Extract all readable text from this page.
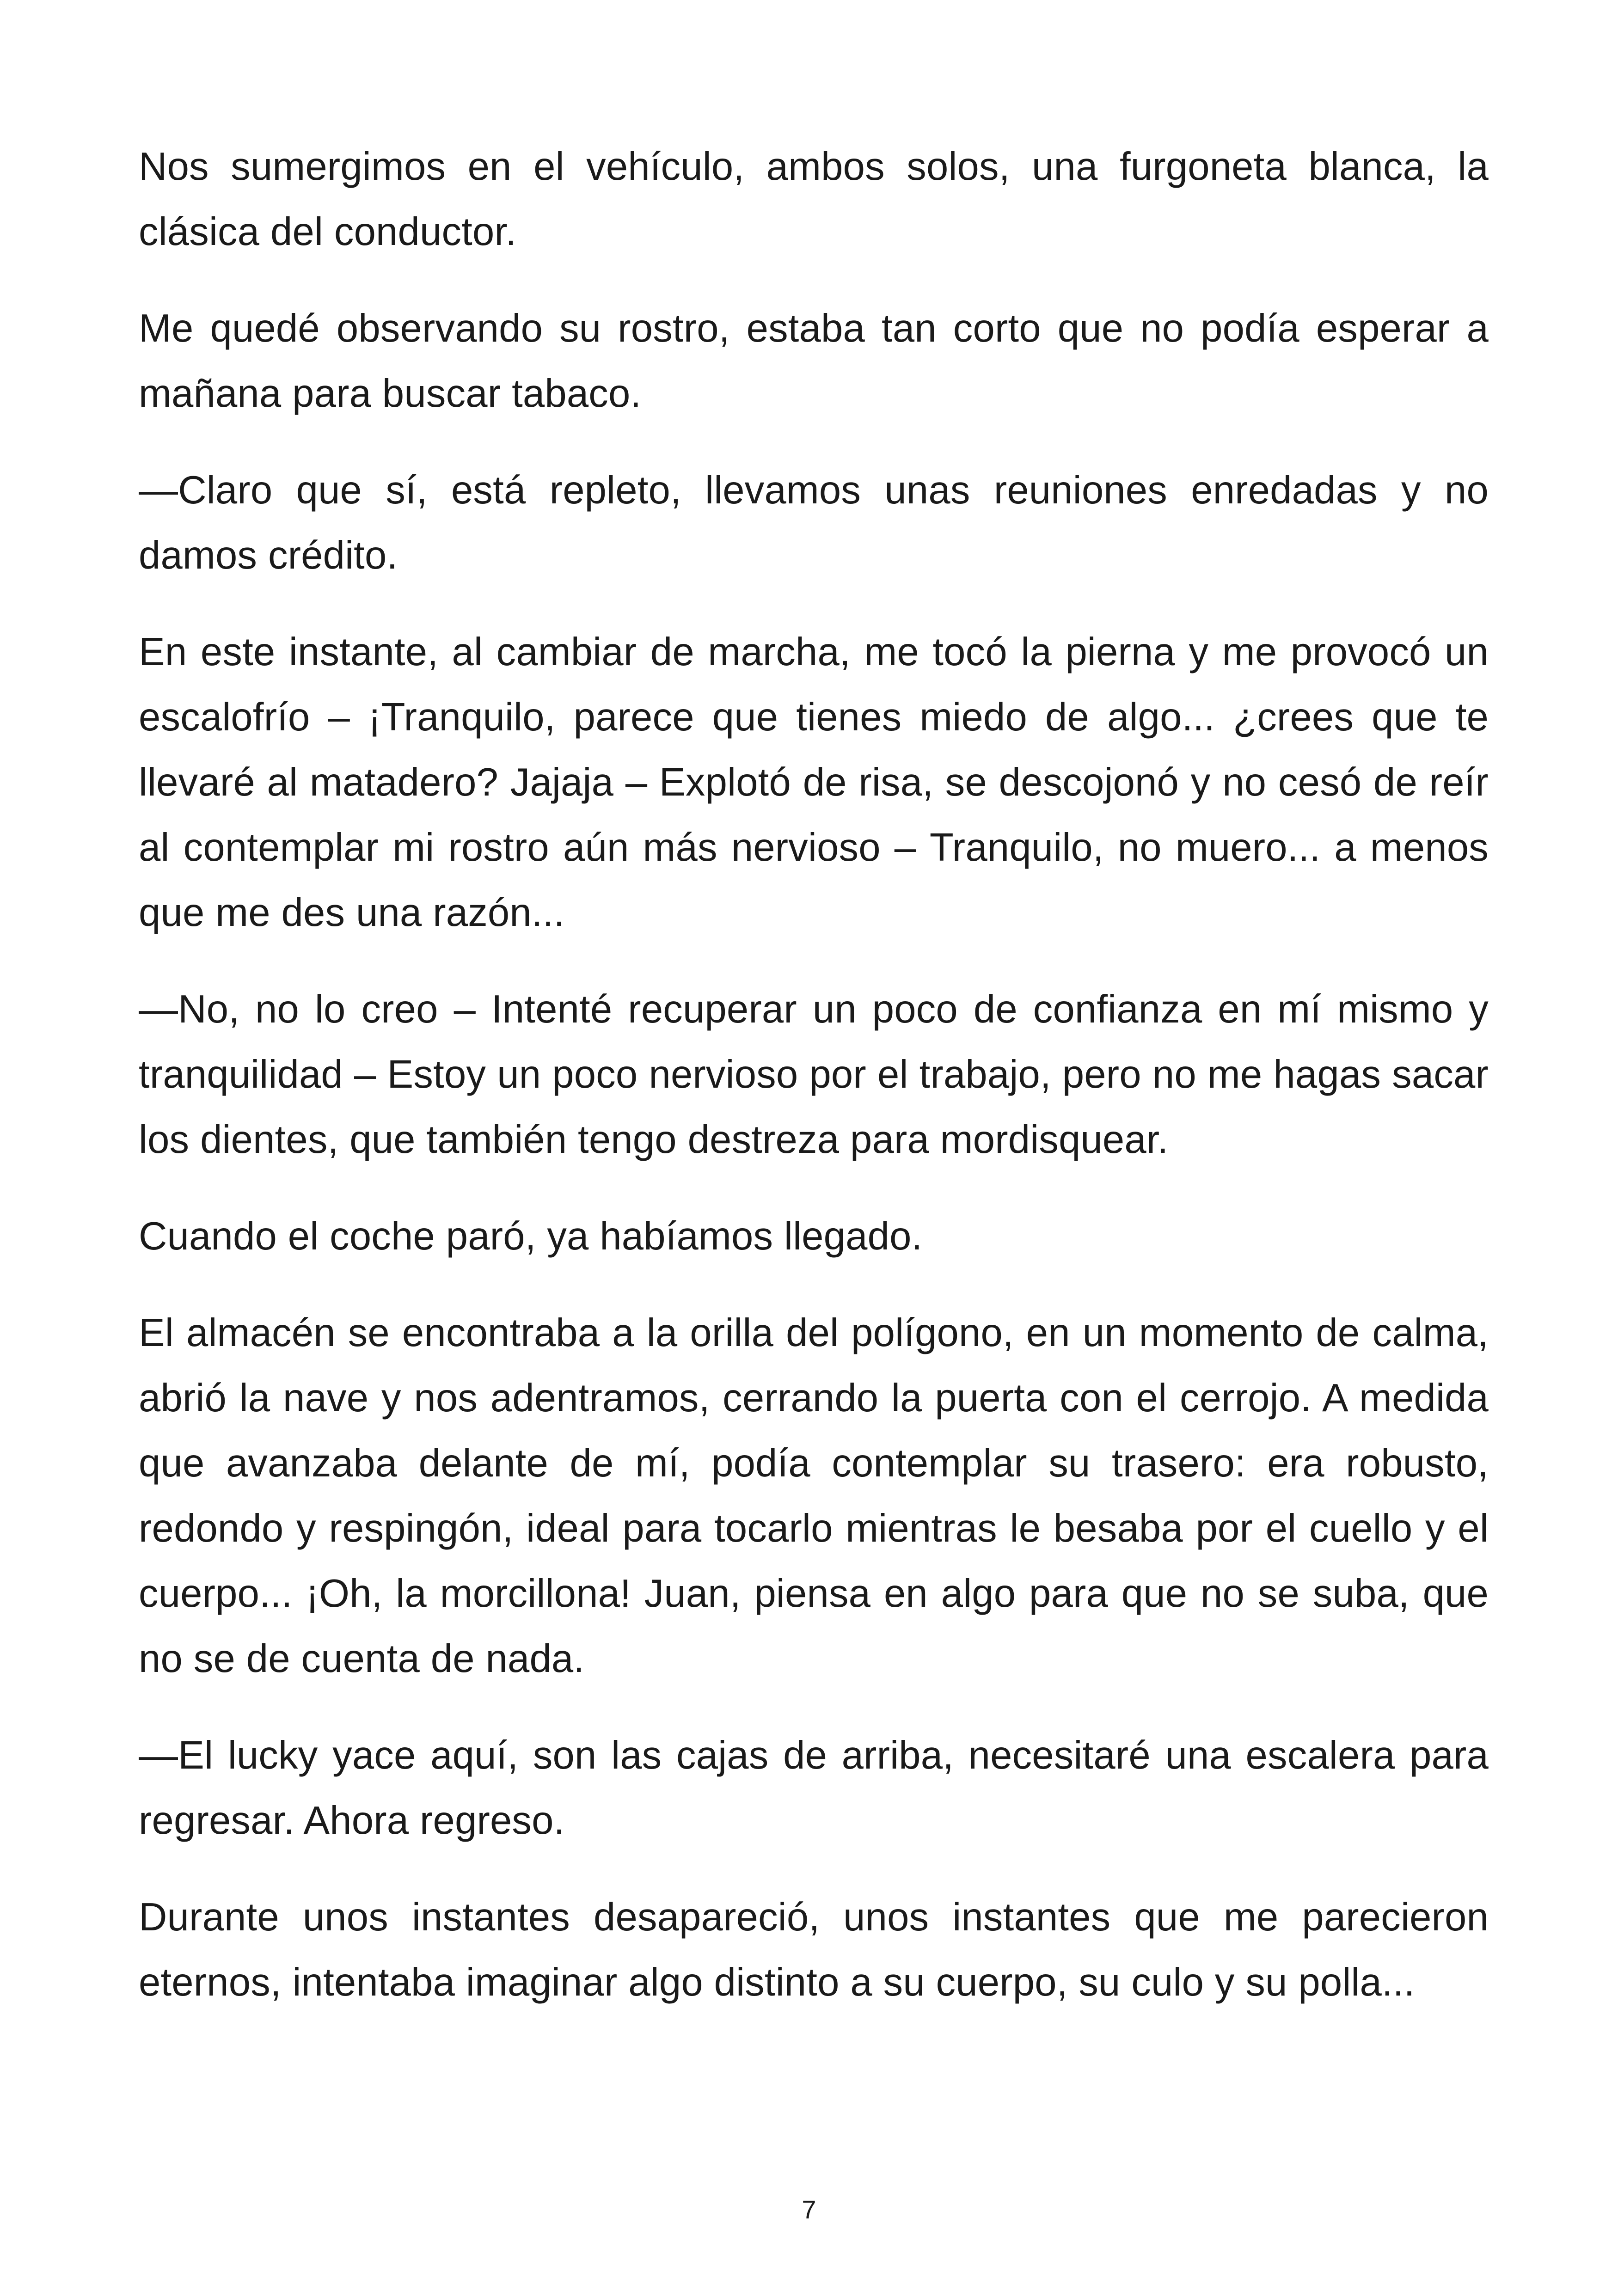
Nos sumergimos en el vehículo, ambos solos, una furgoneta blanca, la clásica del conductor.

Me quedé observando su rostro, estaba tan corto que no podía esperar a mañana para buscar tabaco.

—Claro que sí, está repleto, llevamos unas reuniones enredadas y no damos crédito.

En este instante, al cambiar de marcha, me tocó la pierna y me provocó un escalofrío – ¡Tranquilo, parece que tienes miedo de algo... ¿crees que te llevaré al matadero? Jajaja – Explotó de risa, se descojonó y no cesó de reír al contemplar mi rostro aún más nervioso – Tranquilo, no muero... a menos que me des una razón...

—No, no lo creo – Intenté recuperar un poco de confianza en mí mismo y tranquilidad – Estoy un poco nervioso por el trabajo, pero no me hagas sacar los dientes, que también tengo destreza para mordisquear.

Cuando el coche paró, ya habíamos llegado.

El almacén se encontraba a la orilla del polígono, en un momento de calma, abrió la nave y nos adentramos, cerrando la puerta con el cerrojo. A medida que avanzaba delante de mí, podía contemplar su trasero: era robusto, redondo y respingón, ideal para tocarlo mientras le besaba por el cuello y el cuerpo... ¡Oh, la morcillona! Juan, piensa en algo para que no se suba, que no se de cuenta de nada.

—El lucky yace aquí, son las cajas de arriba, necesitaré una escalera para regresar. Ahora regreso.

Durante unos instantes desapareció, unos instantes que me parecieron eternos, intentaba imaginar algo distinto a su cuerpo, su culo y su polla...

7
